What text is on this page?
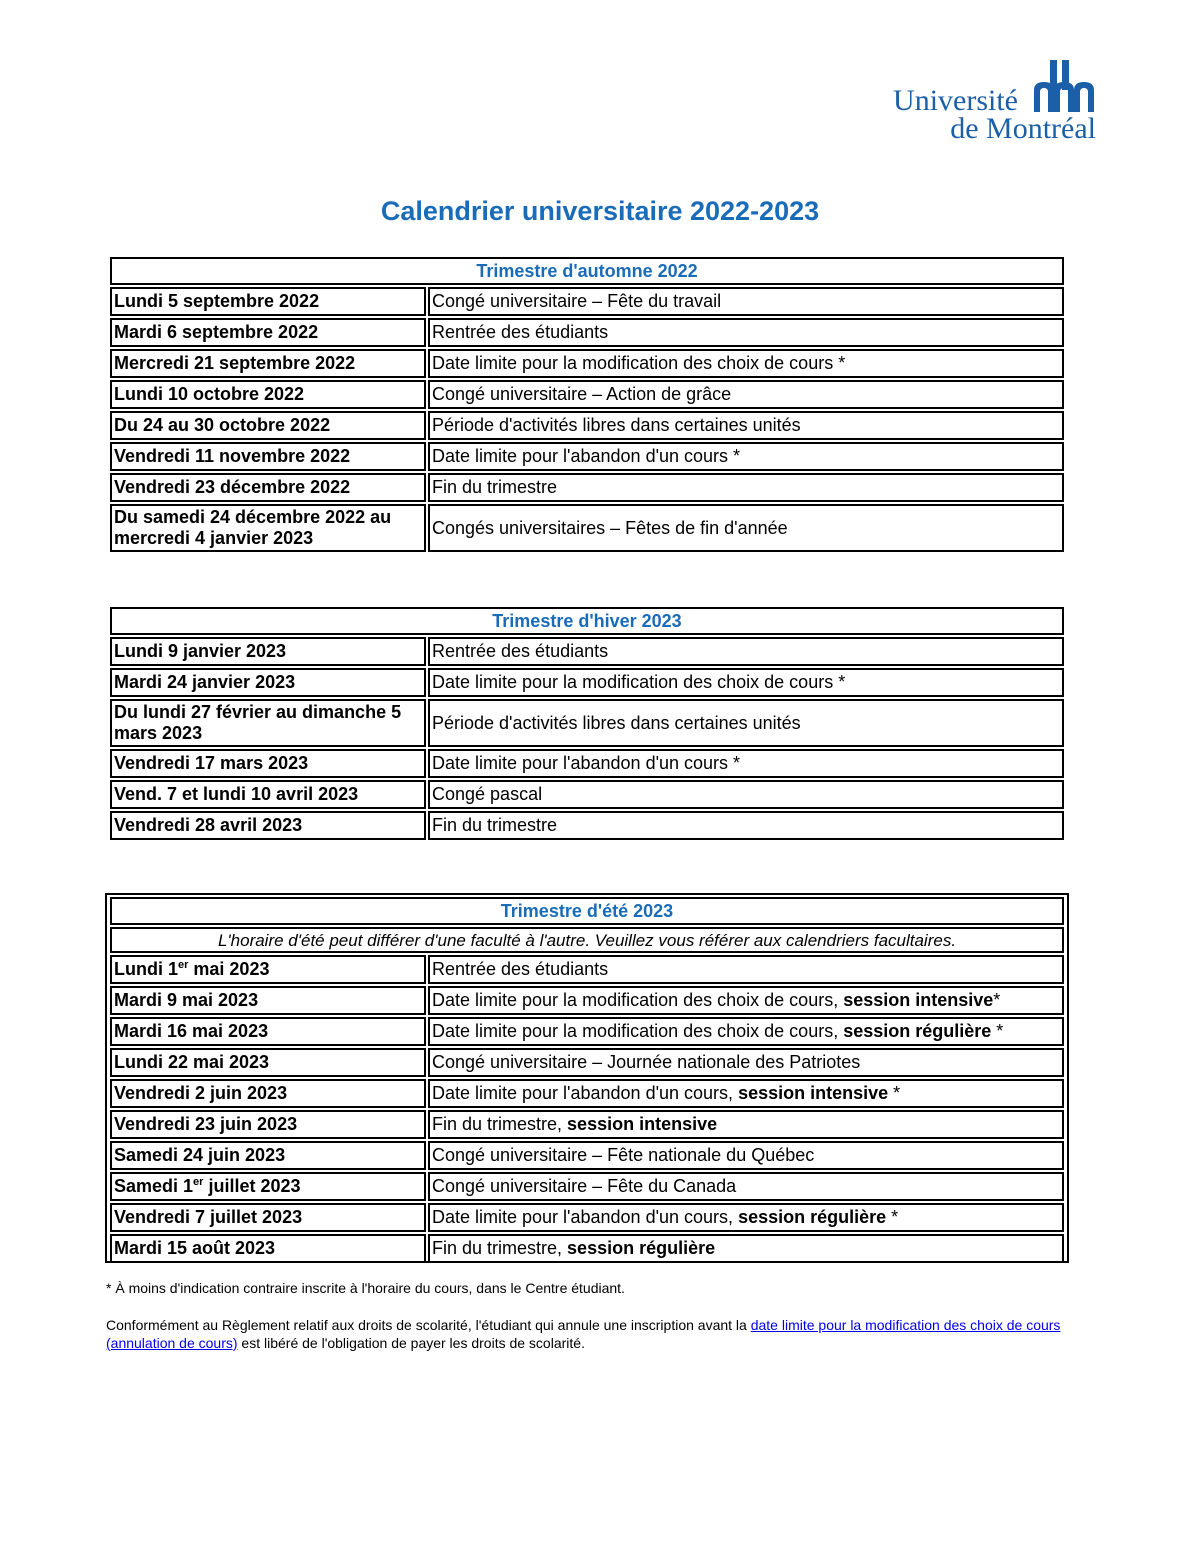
Université
de Montréal
Calendrier universitaire 2022-2023
Trimestre d'automne 2022	
Lundi 5 septembre 2022	Congé universitaire – Fête du travail
Mardi 6 septembre 2022	Rentrée des étudiants
Mercredi 21 septembre 2022	Date limite pour la modification des choix de cours *
Lundi 10 octobre 2022	Congé universitaire – Action de grâce
Du 24 au 30 octobre 2022	Période d'activités libres dans certaines unités
Vendredi 11 novembre 2022	Date limite pour l'abandon d'un cours *
Vendredi 23 décembre 2022	Fin du trimestre
Du samedi 24 décembre 2022 au mercredi 4 janvier 2023	Congés universitaires – Fêtes de fin d'année
Trimestre d'hiver 2023	
Lundi 9 janvier 2023	Rentrée des étudiants
Mardi 24 janvier 2023	Date limite pour la modification des choix de cours *
Du lundi 27 février au dimanche 5 mars 2023	Période d'activités libres dans certaines unités
Vendredi 17 mars 2023	Date limite pour l'abandon d'un cours *
Vend. 7 et lundi 10 avril 2023	Congé pascal
Vendredi 28 avril 2023	Fin du trimestre
Trimestre d'été 2023	
L'horaire d'été peut différer d'une faculté à l'autre. Veuillez vous référer aux calendriers facultaires.	
Lundi 1er mai 2023	Rentrée des étudiants
Mardi 9 mai 2023	Date limite pour la modification des choix de cours, session intensive*
Mardi 16 mai 2023	Date limite pour la modification des choix de cours, session régulière *
Lundi 22 mai 2023	Congé universitaire – Journée nationale des Patriotes
Vendredi 2 juin 2023	Date limite pour l'abandon d'un cours, session intensive *
Vendredi 23 juin 2023	Fin du trimestre, session intensive
Samedi 24 juin 2023	Congé universitaire – Fête nationale du Québec
Samedi 1er juillet 2023	Congé universitaire – Fête du Canada
Vendredi 7 juillet 2023	Date limite pour l'abandon d'un cours, session régulière *
Mardi 15 août 2023	Fin du trimestre, session régulière
* À moins d'indication contraire inscrite à l'horaire du cours, dans le Centre étudiant.
Conformément au Règlement relatif aux droits de scolarité, l'étudiant qui annule une inscription avant la date limite pour la modification des choix de cours (annulation de cours) est libéré de l'obligation de payer les droits de scolarité.
